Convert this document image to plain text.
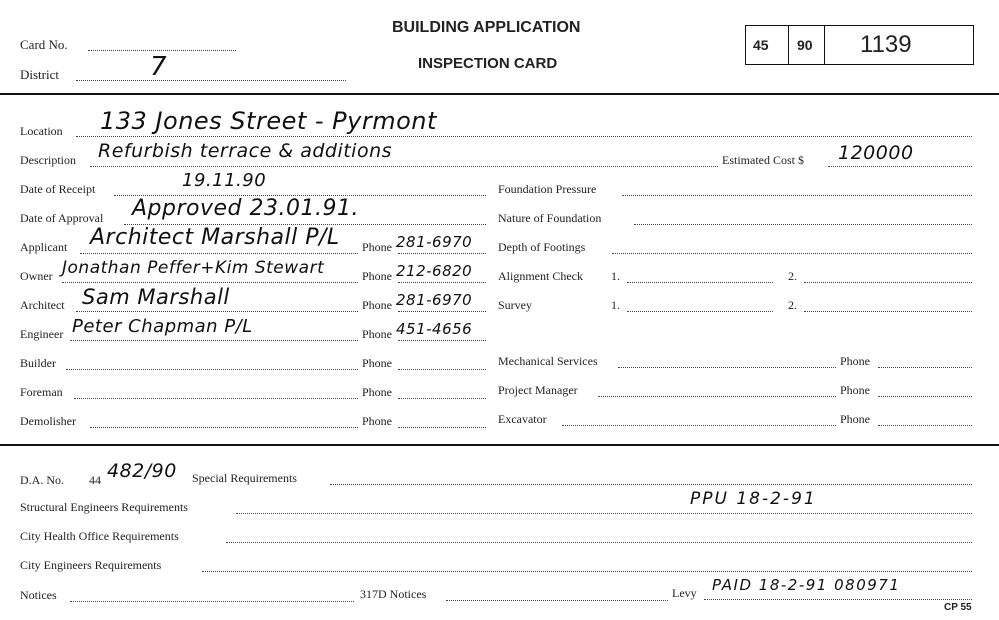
Card No.
District	7
BUILDING APPLICATION
INSPECTION CARD
45 90 1139
Location 133 Jones Street - Pyrmont
Description Refurbish terrace & additions	Estimated Cost $ 120000
Date of Receipt	19.11.90
Date of Approval Approved 23.01.91.
Applicant Architect Marshall P/L Phone 281-6970
Owner Jonathan Peffer+Kim Stewart	Phone 212-6820
Architect Sam Marshall	Phone 281-6970
Engineer Peter Chapman P/L	Phone 451-4656
Builder	Phone
Foreman	Phone
Demolisher	Phone
Foundation Pressure
Nature of Foundation
Depth of Footings
Alignment Check 1.	2.
Survey	1.	2.
Mechanical Services	Phone
Project Manager	Phone
Excavator	Phone
D.A. No. 44 482/90 Special Requirements
Structural Engineers Requirements	PPU 18-2-91
City Health Office Requirements
City Engineers Requirements
Notices	317D Notices	Levy PAID 18-2-91 080971
CP 55
